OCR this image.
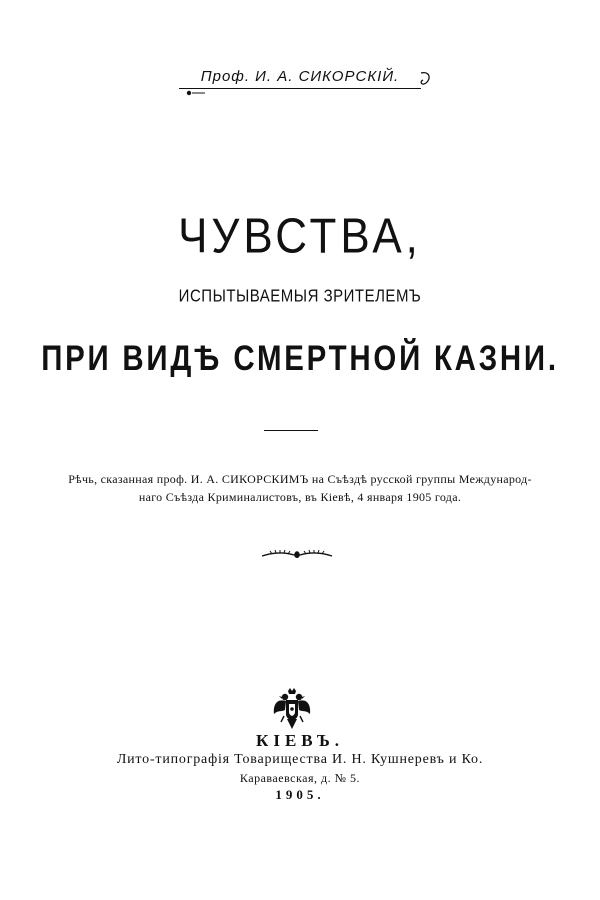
Проф. И. А. СИКОРСКІЙ.
ЧУВСТВА,
ИСПЫТЫВАЕМЫЯ ЗРИТЕЛЕМЪ
ПРИ ВИДѢ СМЕРТНОЙ КАЗНИ.
Рѣчь, сказанная проф. И. А. СИКОРСКИМЪ на Съѣздѣ русской группы Международ-
наго Съѣзда Криминалистовъ, въ Кіевѣ, 4 января 1905 года.
КІЕВЪ.
Лито-типографія Товарищества И. Н. Кушнеревъ и Ко.
Караваевская, д. № 5.
1905.
